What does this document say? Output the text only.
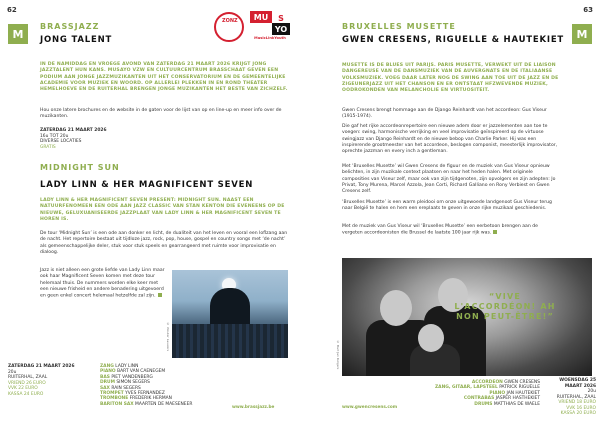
62
M
BRASSJAZZ
JONG TALENT
ZONZ	MU	S
YO
MusicLinkYouth
IN DE NAMIDDAG EN VROEGE AVOND VAN ZATERDAG 21 MAART 2026 KRIJGT JONG JAZZTALENT HUN KANS. MUSAYO VZW EN CULTUURCENTRUM BRASSCHAAT GEVEN EEN PODIUM AAN JONGE JAZZMUZIKANTEN UIT HET CONSERVATORIUM EN DE GEMEENTELIJKE ACADEMIE VOOR MUZIEK EN WOORD. OP ALLERLEI PLEKKEN IN EN ROND THEATER HEMELHOEVE EN DE RUITERHAL BRENGEN JONGE MUZIKANTEN HET BESTE VAN ZICHZELF.
Hou onze latere brochures en de website in de gaten voor de lijst van op en line-up en meer info over de muzikanten.
ZATERDAG 21 MAART 2026
16u TOT 20u
DIVERSE LOCATIES
GRATIS
MIDNIGHT SUN
LADY LINN & HER MAGNIFICENT SEVEN
LADY LINN & HER MAGNIFICENT SEVEN PRESENT: MIDNIGHT SUN. NAAST EEN NATUURFENOMEEN EEN ODE AAN JAZZ CLASSIC VAN STAN KENTON DIE EVENEENS OP DE NIEUWE, GELUXUANISEERDE JAZZPLAAT VAN LADY LINN & HER MAGNIFICENT SEVEN TE HOREN IS.
De tour ‘Midnight Sun’ is een ode aan donker en licht, de dualiteit van het leven en vooral een loflzang aan de nacht. Het repertoire bestaat uit tijdloze jazz, rock, pop, house, gospel en country songs met ‘de nacht’ als gemeenschappelijke deler, stuk voor stuk speels en gearrangeerd met ruimte voor improvisatie en dialoog.
Jazz is niet alleen een grote liefde van Lady Linn maar ook haar Magnificent Seven komen met deze tour helemaal thuis. De nummers worden elke keer met een nieuwe frisheid en andere benadering uitgevoerd en geen enkel concert helemaal hetzelfde zal zijn.
© Wouter Lauwers
ZATERDAG 21 MAART 2026
20u
RUITERHAL, ZAAL
VRIEND 26 EURO
VVK 22 EURO
KASSA 24 EURO
ZANG LADY LINN
PIANO BART VAN CAENEGEM
BAS PIET VANDENBERG
DRUM SIMON SEGERS
SAX RAIN SEGERS
TROMPET YVES FERNANDEZ
TROMBONE FREDERIK HERMAN
BARITON SAX MAARTEN DE MAESENEER	www.brassjazz.be
63
M
BRUXELLES MUSETTE
GWEN CRESENS, RIGUELLE & HAUTEKIET
MUSETTE IS DE BLUES UIT PARIJS. PARIS MUSETTE, VERWEKT UIT DE LIAISON DANGEREUSE VAN DE DANSMUZIEK VAN DE AUVERGNATS EN DE ITALIAANSE VOLKSMUZIEK. VOEG DAAR LATER NOG DE SWING AAN TOE UIT DE JAZZ EN DE ZIGEUNERJAZZ UIT HET CHANSON EN ER ONTSTAAT HFZWEVENDE MUZIEK, OODROKONDEN VAN MELANCHOLIE EN VIRTUOSITEIT.
Gwen Cresens brengt hommage aan de Django Reinhardt van het accordeon: Gus Viseur (1915-1974).
Die gaf het rijke accordeonrepertoire een nieuwe adem door er jazzelementen aan toe te voegen: swing, harmonische verrijking en veel improvisatie geïnspireerd op de virtuose swingjazz van Django Reinhardt en de nieuwe bebop van Charlie Parker. Hij was een inspirerende grootmeester van het accordeon, beslogen componist, meesterlijk improvisator, oprechte jazzman en every inch a gentleman.
Met ‘Bruxelles Musette’ wil Gwen Cresens de figuur en de muziek van Gus Viseur opnieuw belichten, in zijn muzikale context plaatsen en naar het heden halen. Met originele composities van Viseur zelf, maar ook van zijn tijdgenoten, zijn opvolgers en zijn adepten: Jo Privat, Tony Murena, Marcel Azzola, Jean Corti, Richard Galliano en Rony Verbiest en Gwen Cresens zelf.
‘Bruxelles Musette’ is een warm pleidooi om onze uitgewoede landgenoot Gus Viseur terug naar België te halen en hem een ereplaats te geven in onze rijke muzikaal geschiedenis.
Met de muziek van Gus Viseur wil ‘Bruxelles Musette’ een eerbetoon brengen aan de vergeten accordeonisten die Brussel de laatste 100 jaar rijk was.
© Bart Jan Rutgers
“VIVE L'ACCORDÉON! AH NON PEUT-ÊTRE!”
ACCORDEON GWEN CRESENS
ZANG, GITAAR, LAPSTEEL PATRICK RIGUELLE
PIANO JAN HAUTEKIET
CONTRABAS JASPER HASTHEKIET
DRUMS MATTHIAS DE WAELE
WOENSDAG 25 MAART 2026
20u
RUITERHAL, ZAAL
VRIEND 18 EURO
VVK 16 EURO
KASSA 20 EURO
www.gwencresens.com
